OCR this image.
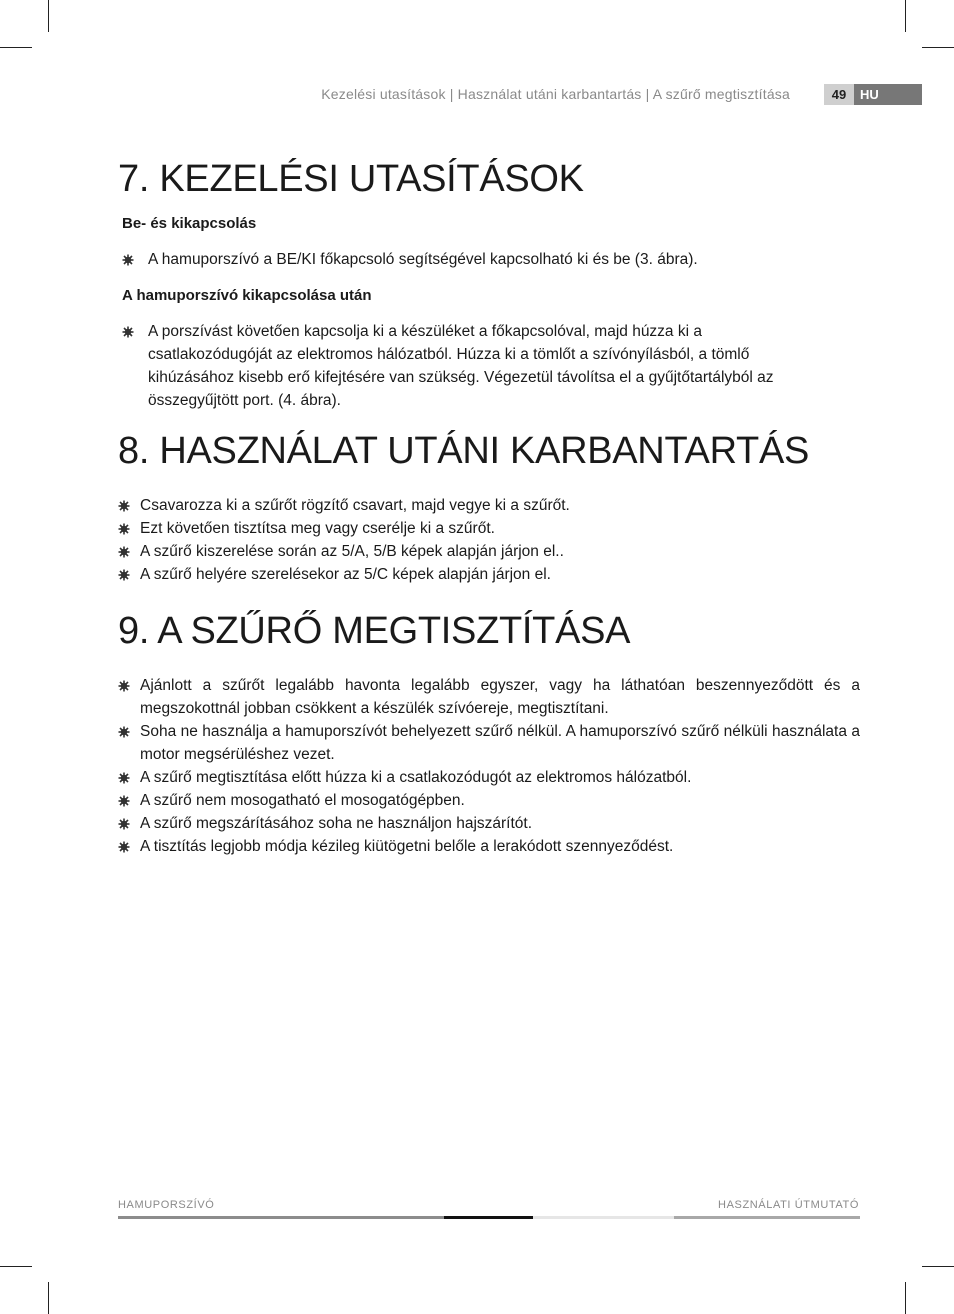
Kezelési utasítások | Használat utáni karbantartás | A szűrő megtisztítása	49	HU
7. KEZELÉSI UTASÍTÁSOK
Be- és kikapcsolás
A hamuporszívó a BE/KI főkapcsoló segítségével kapcsolható ki és be (3. ábra).
A hamuporszívó kikapcsolása után
A porszívást követően kapcsolja ki a készüléket a főkapcsolóval, majd húzza ki a csatlakozódugóját az elektromos hálózatból. Húzza ki a tömlőt a szívónyílásból, a tömlő kihúzásához kisebb erő kifejtésére van szükség. Végezetül távolítsa el a gyűjtőtartályból az összegyűjtött port. (4. ábra).
8. HASZNÁLAT UTÁNI KARBANTARTÁS
Csavarozza ki a szűrőt rögzítő csavart, majd vegye ki a szűrőt.
Ezt követően tisztítsa meg vagy cserélje ki a szűrőt.
A szűrő kiszerelése során az 5/A, 5/B képek alapján járjon el..
A szűrő helyére szerelésekor az 5/C képek alapján járjon el.
9. A SZŰRŐ MEGTISZTÍTÁSA
Ajánlott a szűrőt legalább havonta legalább egyszer, vagy ha láthatóan beszennyeződött és a megszokottnál jobban csökkent a készülék szívóereje, megtisztítani.
Soha ne használja a hamuporszívót behelyezett szűrő nélkül. A hamuporszívó szűrő nélküli használata a motor megsérüléshez vezet.
A szűrő megtisztítása előtt húzza ki a csatlakozódugót az elektromos hálózatból.
A szűrő nem mosogatható el mosogatógépben.
A szűrő megszárításához soha ne használjon hajszárítót.
A tisztítás legjobb módja kézileg kiütögetni belőle a lerakódott szennyeződést.
HAMUPORSZÍVÓ	HASZNÁLATI ÚTMUTATÓ
